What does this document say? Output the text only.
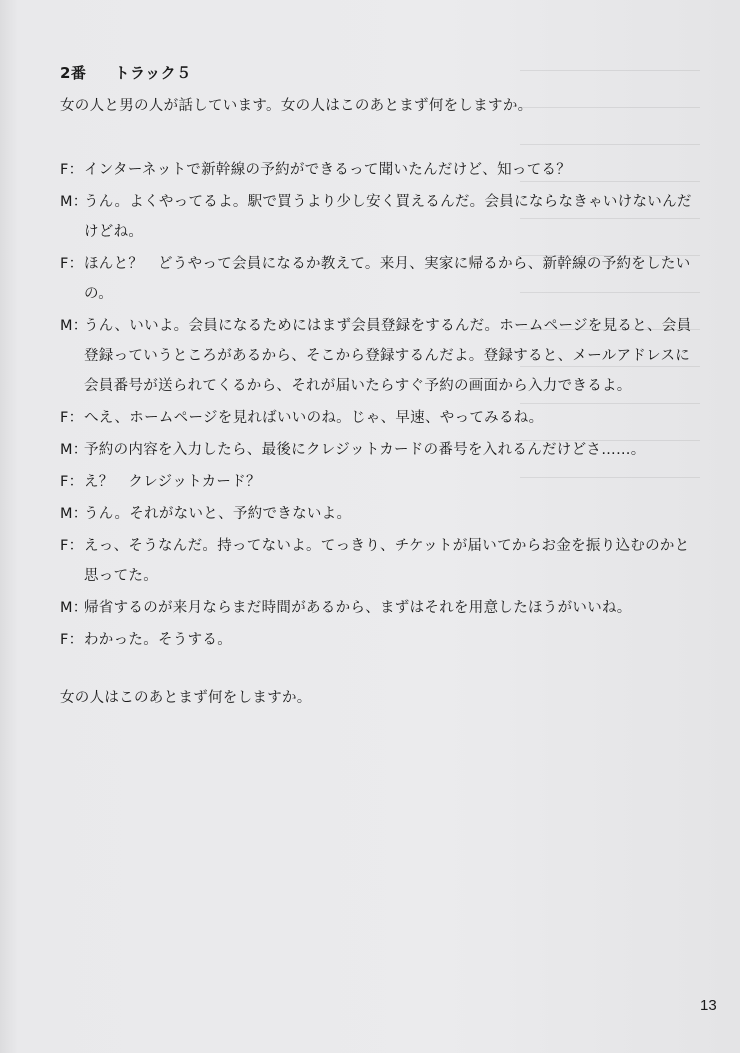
2番 トラック５
女の人と男の人が話しています。女の人はこのあとまず何をしますか。
F：インターネットで新幹線の予約ができるって聞いたんだけど、知ってる？
M：うん。よくやってるよ。駅で買うより少し安く買えるんだ。会員にならなきゃいけないんだ
けどね。
F：ほんと？　どうやって会員になるか教えて。来月、実家に帰るから、新幹線の予約をしたい
の。
M：うん、いいよ。会員になるためにはまず会員登録をするんだ。ホームページを見ると、会員
登録っていうところがあるから、そこから登録するんだよ。登録すると、メールアドレスに
会員番号が送られてくるから、それが届いたらすぐ予約の画面から入力できるよ。
F：へえ、ホームページを見ればいいのね。じゃ、早速、やってみるね。
M：予約の内容を入力したら、最後にクレジットカードの番号を入れるんだけどさ……。
F：え？　クレジットカード？
M：うん。それがないと、予約できないよ。
F：えっ、そうなんだ。持ってないよ。てっきり、チケットが届いてからお金を振り込むのかと
思ってた。
M：帰省するのが来月ならまだ時間があるから、まずはそれを用意したほうがいいね。
F：わかった。そうする。
女の人はこのあとまず何をしますか。
13
